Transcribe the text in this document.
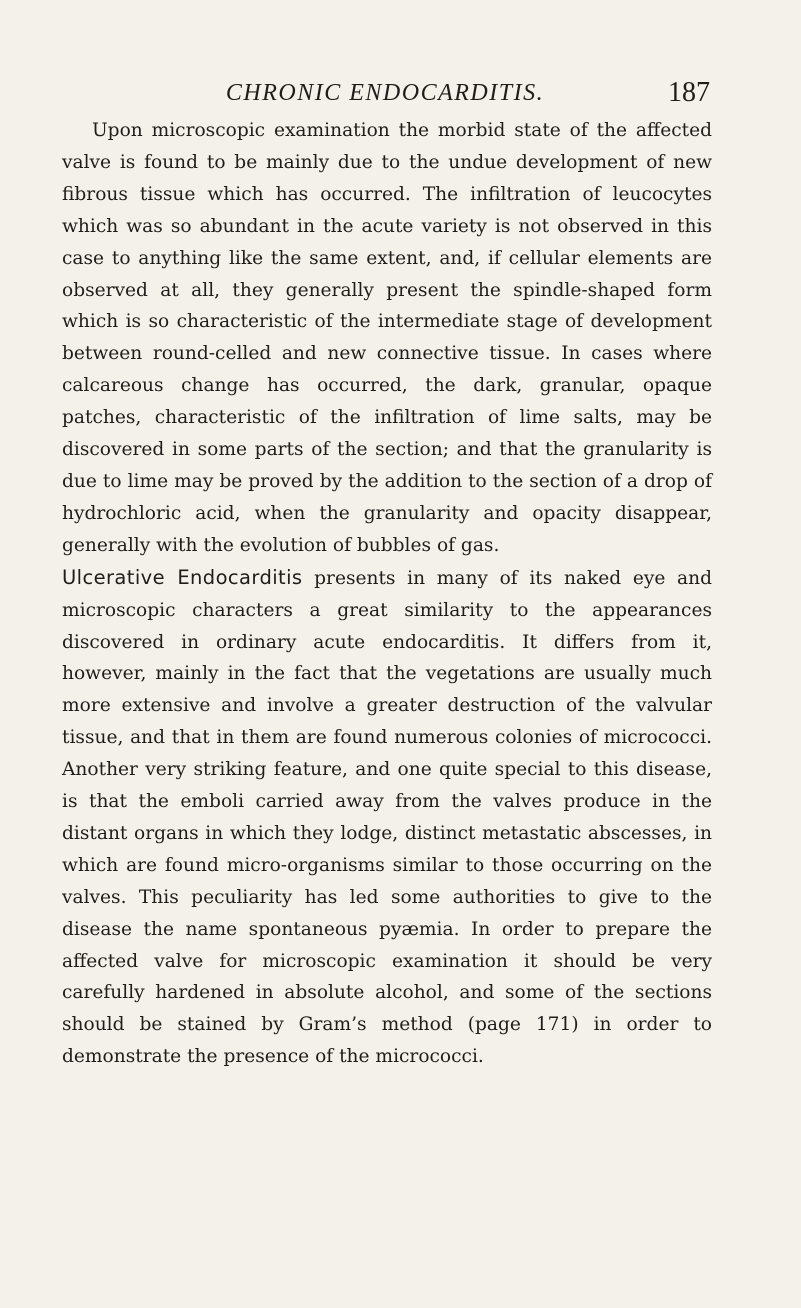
CHRONIC ENDOCARDITIS.	187

Upon microscopic examination the morbid state of the affected valve is found to be mainly due to the undue development of new fibrous tissue which has occurred. The infiltration of leucocytes which was so abundant in the acute variety is not observed in this case to anything like the same extent, and, if cellular elements are observed at all, they generally present the spindle-shaped form which is so characteristic of the intermediate stage of development between round-celled and new connective tissue. In cases where calcareous change has occurred, the dark, granular, opaque patches, characteristic of the infiltration of lime salts, may be discovered in some parts of the section; and that the granularity is due to lime may be proved by the addition to the section of a drop of hydrochloric acid, when the granularity and opacity disappear, generally with the evolution of bubbles of gas.

Ulcerative Endocarditis presents in many of its naked eye and microscopic characters a great similarity to the appearances discovered in ordinary acute endocarditis. It differs from it, however, mainly in the fact that the vegetations are usually much more extensive and involve a greater destruction of the valvular tissue, and that in them are found numerous colonies of micrococci. Another very striking feature, and one quite special to this disease, is that the emboli carried away from the valves produce in the distant organs in which they lodge, distinct metastatic abscesses, in which are found micro-organisms similar to those occurring on the valves. This peculiarity has led some authorities to give to the disease the name spontaneous pyæmia. In order to prepare the affected valve for microscopic examination it should be very carefully hardened in absolute alcohol, and some of the sections should be stained by Gram’s method (page 171) in order to demonstrate the presence of the micrococci.
